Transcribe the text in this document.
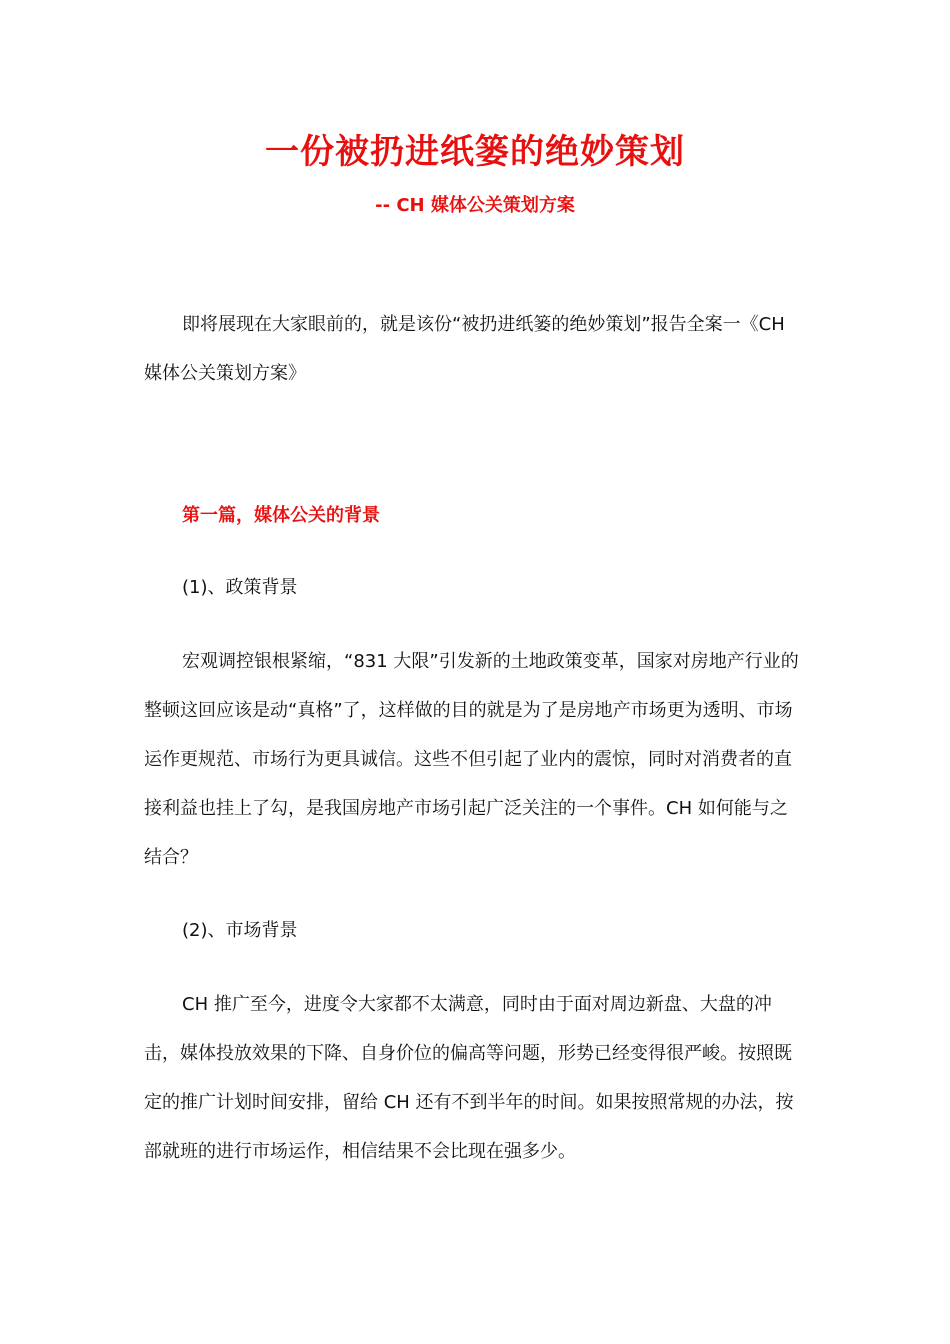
一份被扔进纸篓的绝妙策划
-- CH 媒体公关策划方案
即将展现在大家眼前的，就是该份“被扔进纸篓的绝妙策划”报告全案一《CH 媒体公关策划方案》
第一篇，媒体公关的背景
(1)、政策背景
宏观调控银根紧缩，“831 大限”引发新的土地政策变革，国家对房地产行业的整顿这回应该是动“真格”了，这样做的目的就是为了是房地产市场更为透明、市场运作更规范、市场行为更具诚信。这些不但引起了业内的震惊，同时对消费者的直接利益也挂上了勾，是我国房地产市场引起广泛关注的一个事件。CH 如何能与之结合？
(2)、市场背景
CH 推广至今，进度令大家都不太满意，同时由于面对周边新盘、大盘的冲击，媒体投放效果的下降、自身价位的偏高等问题，形势已经变得很严峻。按照既定的推广计划时间安排，留给 CH 还有不到半年的时间。如果按照常规的办法，按部就班的进行市场运作，相信结果不会比现在强多少。
